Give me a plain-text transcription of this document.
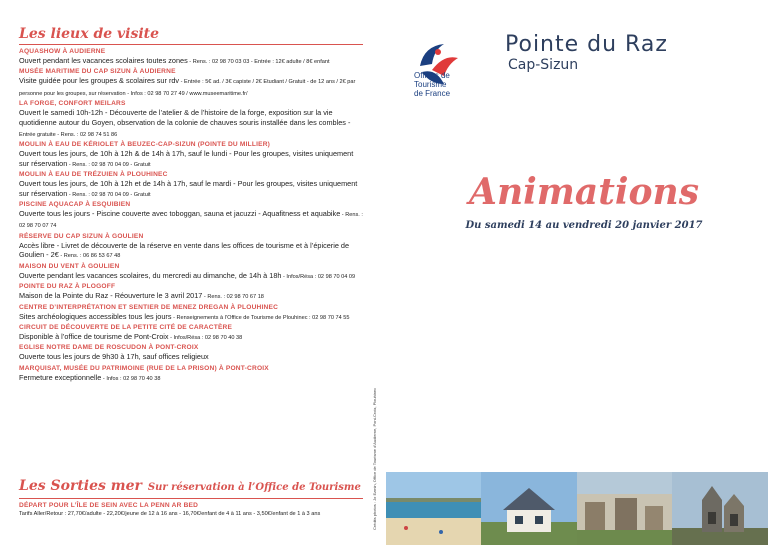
Les lieux de visite
AQUASHOW À AUDIERNE
Ouvert pendant les vacances scolaires toutes zones - Rens. : 02 98 70 03 03 - Entrée : 12€ adulte / 8€ enfant
MUSÉE MARITIME DU CAP SIZUN À AUDIERNE
Visite guidée pour les groupes & scolaires sur rdv - Entrée : 5€ ad. / 3€ capiste / 2€ Etudiant / Gratuit - de 12 ans / 2€ par personne pour les groupes, sur réservation - Infos : 02 98 70 27 49 / www.museemaritime.fr/
LA FORGE, CONFORT MEILARS
Ouvert le samedi 10h-12h - Découverte de l’atelier & de l’histoire de la forge, exposition sur la vie quotidienne autour du Goyen, observation de la colonie de chauves souris installée dans les combles - Entrée gratuite - Rens. : 02 98 74 51 86
MOULIN À EAU DE KÉRIOLET À BEUZEC-CAP-SIZUN (POINTE DU MILLIER)
Ouvert tous les jours, de 10h à 12h & de 14h à 17h, sauf le lundi - Pour les groupes, visites uniquement sur réservation - Rens. : 02 98 70 04 09 - Gratuit
MOULIN À EAU DE TRÉZUIEN À PLOUHINEC
Ouvert tous les jours, de 10h à 12h et de 14h à 17h, sauf le mardi - Pour les groupes, visites uniquement sur réservation - Rens. : 02 98 70 04 09 - Gratuit
PISCINE AQUACAP À ESQUIBIEN
Ouverte tous les jours - Piscine couverte avec toboggan, sauna et jacuzzi - Aquafitness et aquabike - Rens. : 02 98 70 07 74
RÉSERVE DU CAP SIZUN À GOULIEN
Accès libre - Livret de découverte de la réserve en vente dans les offices de tourisme et à l’épicerie de Goulien - 2€ - Rens. : 06 86 53 67 48
MAISON DU VENT À GOULIEN
Ouverte pendant les vacances scolaires, du mercredi au dimanche, de 14h à 18h - Infos/Résa : 02 98 70 04 09
POINTE DU RAZ À PLOGOFF
Maison de la Pointe du Raz - Réouverture le 3 avril 2017 - Rens. : 02 98 70 67 18
CENTRE D’INTERPRÉTATION ET SENTIER DE MENEZ DREGAN À PLOUHINEC
Sites archéologiques accessibles tous les jours - Renseignements à l’Office de Tourisme de Plouhinec : 02 98 70 74 55
CIRCUIT DE DÉCOUVERTE DE LA PETITE CITÉ DE CARACTÈRE
Disponible à l’office de tourisme de Pont-Croix - Infos/Résa : 02 98 70 40 38
EGLISE NOTRE DAME DE ROSCUDON À PONT-CROIX
Ouverte tous les jours de 9h30 à 17h, sauf offices religieux
MARQUISAT, MUSÉE DU PATRIMOINE (RUE DE LA PRISON) À PONT-CROIX
Fermeture exceptionnelle - Infos : 02 98 70 40 38
Les Sorties mer Sur réservation à l’Office de Tourisme
DÉPART POUR L’ÎLE DE SEIN AVEC LA PENN AR BED
Tarifs Aller/Retour : 27,70€/adulte - 22,20€/jeune de 12 à 16 ans - 16,70€/enfant de 4 à 11 ans - 3,50€/enfant de 1 à 3 ans	Crédits photos : Jo Ezmin, Office de Tourisme d’Audierne, Pont-Croix, Plouhinec
Offices de
Tourisme
de France
Pointe du Raz
Cap-Sizun
Animations
Du samedi 14 au vendredi 20 janvier 2017
